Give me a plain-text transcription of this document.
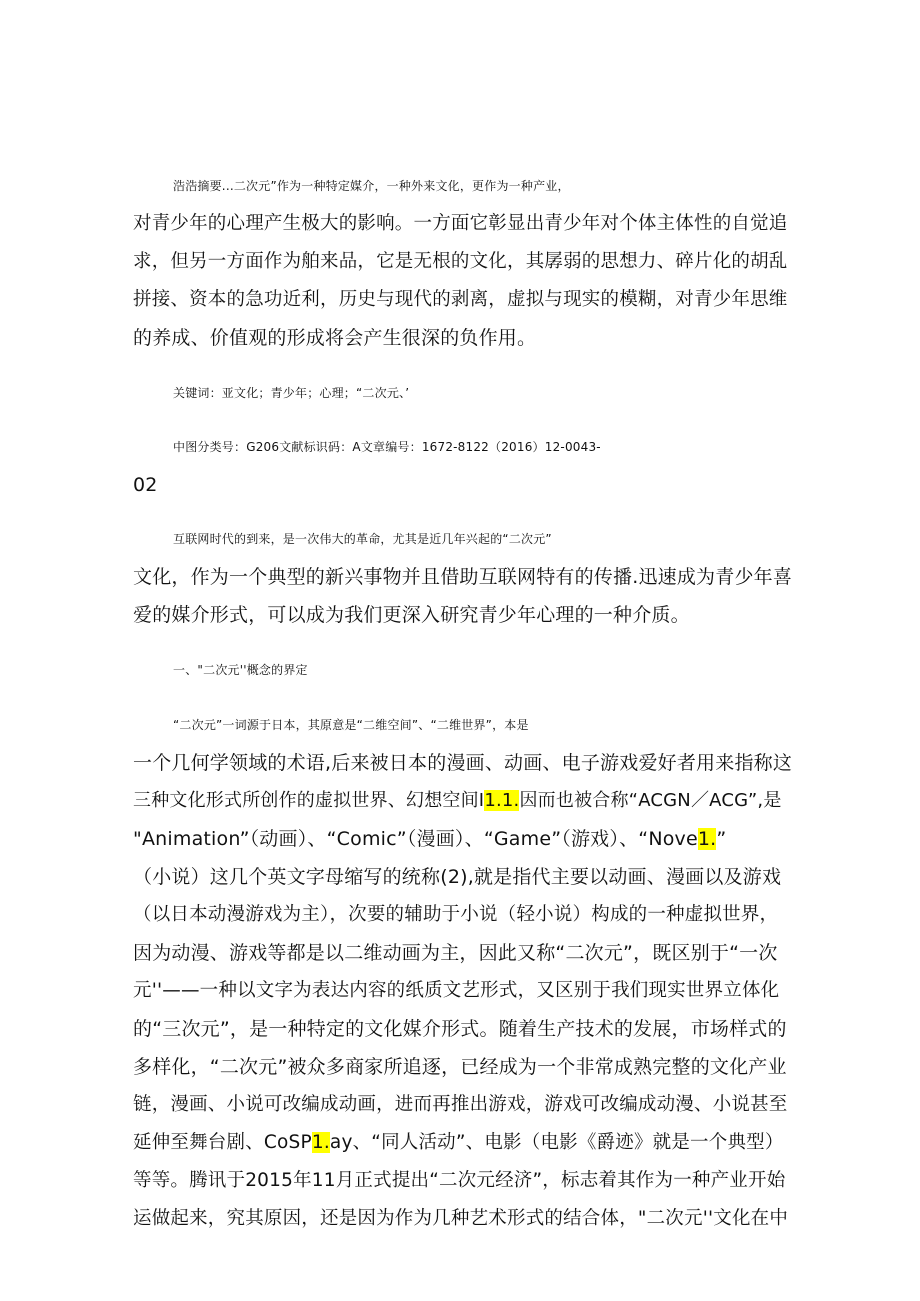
浩浩摘要...二次元”作为一种特定媒介，一种外来文化，更作为一种产业，
对青少年的心理产生极大的影响。一方面它彰显出青少年对个体主体性的自觉追
求，但另一方面作为舶来品，它是无根的文化，其孱弱的思想力、碎片化的胡乱
拼接、资本的急功近利，历史与现代的剥离，虚拟与现实的模糊，对青少年思维
的养成、价值观的形成将会产生很深的负作用。
关键词：亚文化；青少年；心理；“二次元、’
中图分类号：G206文献标识码：A文章编号：1672-8122（2016）12-0043-
02
互联网时代的到来，是一次伟大的革命，尤其是近几年兴起的“二次元”
文化，作为一个典型的新兴事物并且借助互联网特有的传播.迅速成为青少年喜
爱的媒介形式，可以成为我们更深入研究青少年心理的一种介质。
一、"二次元''概念的界定
“二次元”一词源于日本，其原意是“二维空间”、“二维世界”，本是
一个几何学领域的术语,后来被日本的漫画、动画、电子游戏爱好者用来指称这
三种文化形式所创作的虚拟世界、幻想空间I1.1.因而也被合称“ACGN／ACG”,是
"Animation”（动画）、“Comic”（漫画）、“Game”（游戏）、“Nove1.”
（小说）这几个英文字母缩写的统称(2),就是指代主要以动画、漫画以及游戏
（以日本动漫游戏为主），次要的辅助于小说（轻小说）构成的一种虚拟世界，
因为动漫、游戏等都是以二维动画为主，因此又称“二次元”，既区别于“一次
元''——一种以文字为表达内容的纸质文艺形式，又区别于我们现实世界立体化
的“三次元”，是一种特定的文化媒介形式。随着生产技术的发展，市场样式的
多样化，“二次元”被众多商家所追逐，已经成为一个非常成熟完整的文化产业
链，漫画、小说可改编成动画，进而再推出游戏，游戏可改编成动漫、小说甚至
延伸至舞台剧、CoSP1.ay、“同人活动”、电影（电影《爵迹》就是一个典型）
等等。腾讯于2015年11月正式提出“二次元经济”，标志着其作为一种产业开始
运做起来，究其原因，还是因为作为几种艺术形式的结合体，"二次元''文化在中
